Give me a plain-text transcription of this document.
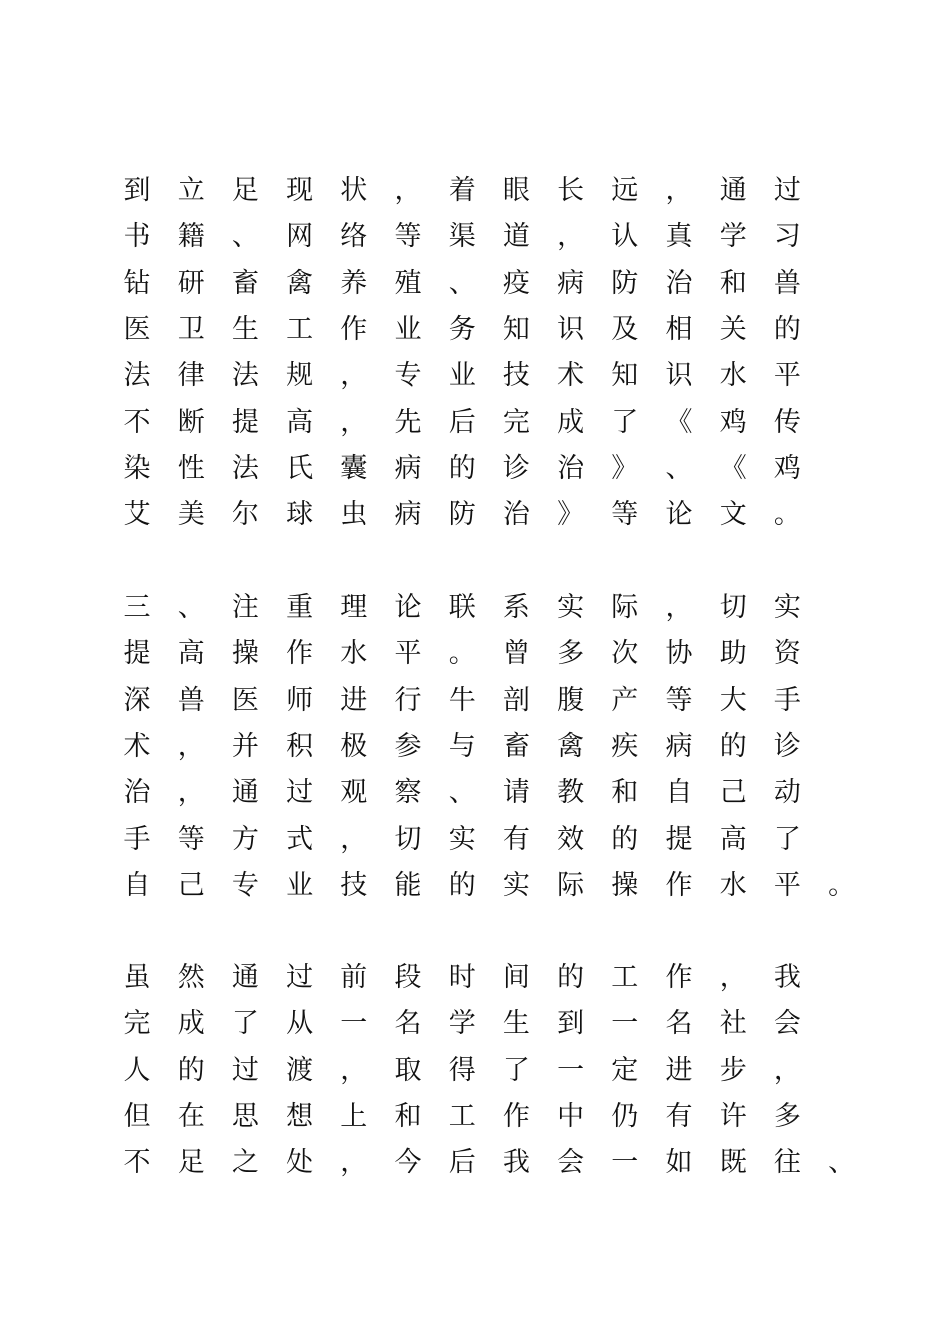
到 立 足 现 状 ， 着 眼 长 远 ， 通 过
书 籍 、 网 络 等 渠 道 ， 认 真 学 习
钻 研 畜 禽 养 殖 、 疫 病 防 治 和 兽
医 卫 生 工 作 业 务 知 识 及 相 关 的
法 律 法 规 ， 专 业 技 术 知 识 水 平
不 断 提 高 ， 先 后 完 成 了 《 鸡 传
染 性 法 氏 囊 病 的 诊 治 》 、 《 鸡
艾 美 尔 球 虫 病 防 治 》 等 论 文 。
三 、 注 重 理 论 联 系 实 际 ， 切 实
提 高 操 作 水 平 。 曾 多 次 协 助 资
深 兽 医 师 进 行 牛 剖 腹 产 等 大 手
术 ， 并 积 极 参 与 畜 禽 疾 病 的 诊
治 ， 通 过 观 察 、 请 教 和 自 己 动
手 等 方 式 ， 切 实 有 效 的 提 高 了
自 己 专 业 技 能 的 实 际 操 作 水 平 。
虽 然 通 过 前 段 时 间 的 工 作 ， 我
完 成 了 从 一 名 学 生 到 一 名 社 会
人 的 过 渡 ， 取 得 了 一 定 进 步 ，
但 在 思 想 上 和 工 作 中 仍 有 许 多
不 足 之 处 ， 今 后 我 会 一 如 既 往 、
